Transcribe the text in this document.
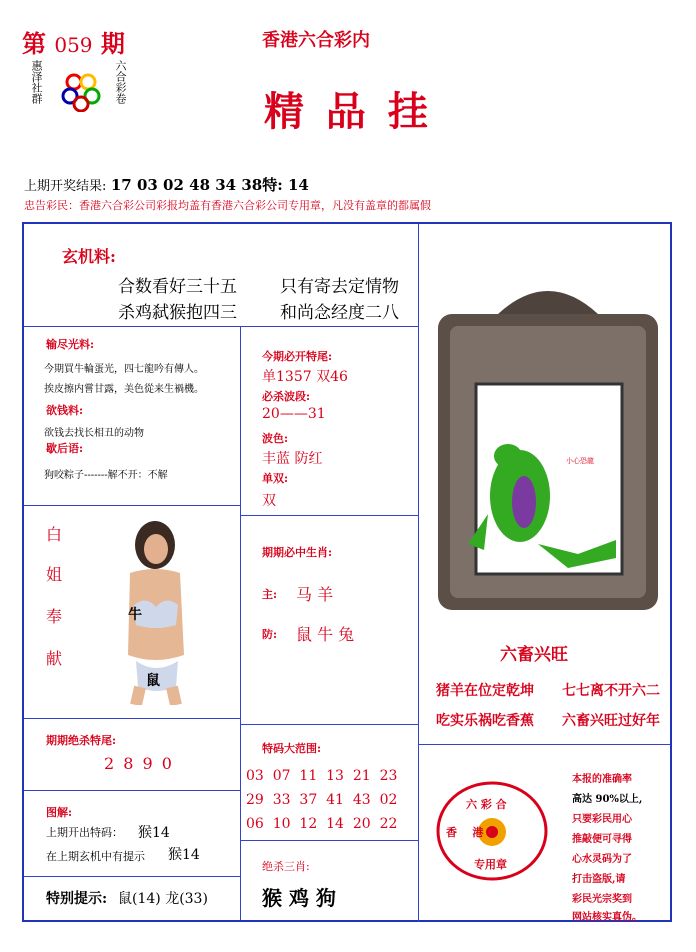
第 059 期
惠泽社群	六合彩卷
香港六合彩内
精 品 挂
上期开奖结果: 17 03 02 48 34 38特: 14
忠告彩民：香港六合彩公司彩报均盖有香港六合彩公司专用章，凡没有盖章的都属假
玄机料:
合数看好三十五	只有寄去定情物
杀鸡弑猴抱四三	和尚念经度二八
输尽光料:
今期買牛輪蛋光，四七龍吟有傳人。
挨皮擦内嘗甘露，美色從来生禍機。
欲钱料:
欲钱去找长相丑的动物
歇后语:
狗咬粽子-------解不开：不解
今期必开特尾:
单1357 双46
必杀波段:
20——31
波色:
丰蓝 防红
单双:
双
白
姐
奉
献
牛
鼠
期期必中生肖:
主: 马 羊
防: 鼠 牛 兔
小心恐龍
六畜兴旺
猪羊在位定乾坤 七七离不开六二
吃实乐祸吃香蕉 六畜兴旺过好年
期期绝杀特尾:
2 8 9 0
特码大范围:
03  07  11  13  21  23
29  33  37  41  43  02
06  10  12  14  20  22
图解:
上期开出特码： 猴14
在上期玄机中有提示 猴14
特别提示: 鼠(14) 龙(33)
绝杀三肖:
猴 鸡 狗
六 彩 合
香    港
专用章
本报的准确率
高达 90%以上,
只要彩民用心
推敲便可寻得
心水灵码为了
打击盗版,请
彩民光宗奖到
网站核实真伪。
